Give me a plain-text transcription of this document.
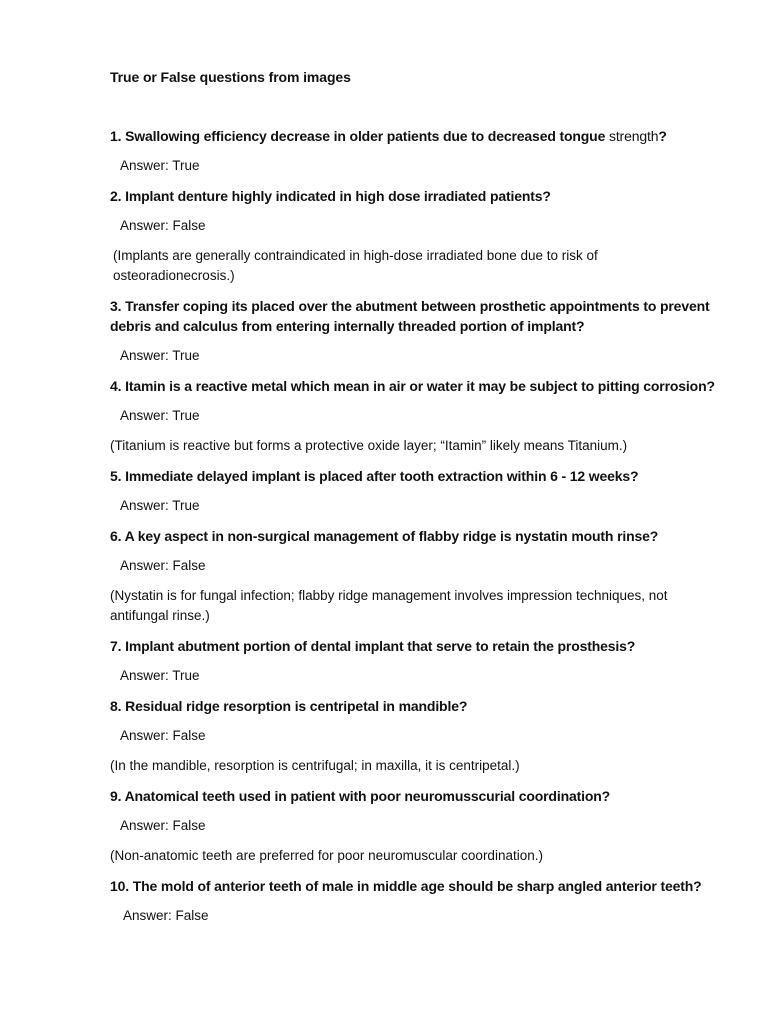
True or False questions from images

1. Swallowing efficiency decrease in older patients due to decreased tongue strength?

Answer: True

2. Implant denture highly indicated in high dose irradiated patients?

Answer: False

(Implants are generally contraindicated in high-dose irradiated bone due to risk of osteoradionecrosis.)

3. Transfer coping its placed over the abutment between prosthetic appointments to prevent debris and calculus from entering internally threaded portion of implant?

Answer: True

4. Itamin is a reactive metal which mean in air or water it may be subject to pitting corrosion?

Answer: True

(Titanium is reactive but forms a protective oxide layer; “Itamin” likely means Titanium.)

5. Immediate delayed implant is placed after tooth extraction within 6 - 12 weeks?

Answer: True

6. A key aspect in non-surgical management of flabby ridge is nystatin mouth rinse?

Answer: False

(Nystatin is for fungal infection; flabby ridge management involves impression techniques, not antifungal rinse.)

7. Implant abutment portion of dental implant that serve to retain the prosthesis?

Answer: True

8. Residual ridge resorption is centripetal in mandible?

Answer: False

(In the mandible, resorption is centrifugal; in maxilla, it is centripetal.)

9. Anatomical teeth used in patient with poor neuromusscurial coordination?

Answer: False

(Non-anatomic teeth are preferred for poor neuromuscular coordination.)

10. The mold of anterior teeth of male in middle age should be sharp angled anterior teeth?

Answer: False
